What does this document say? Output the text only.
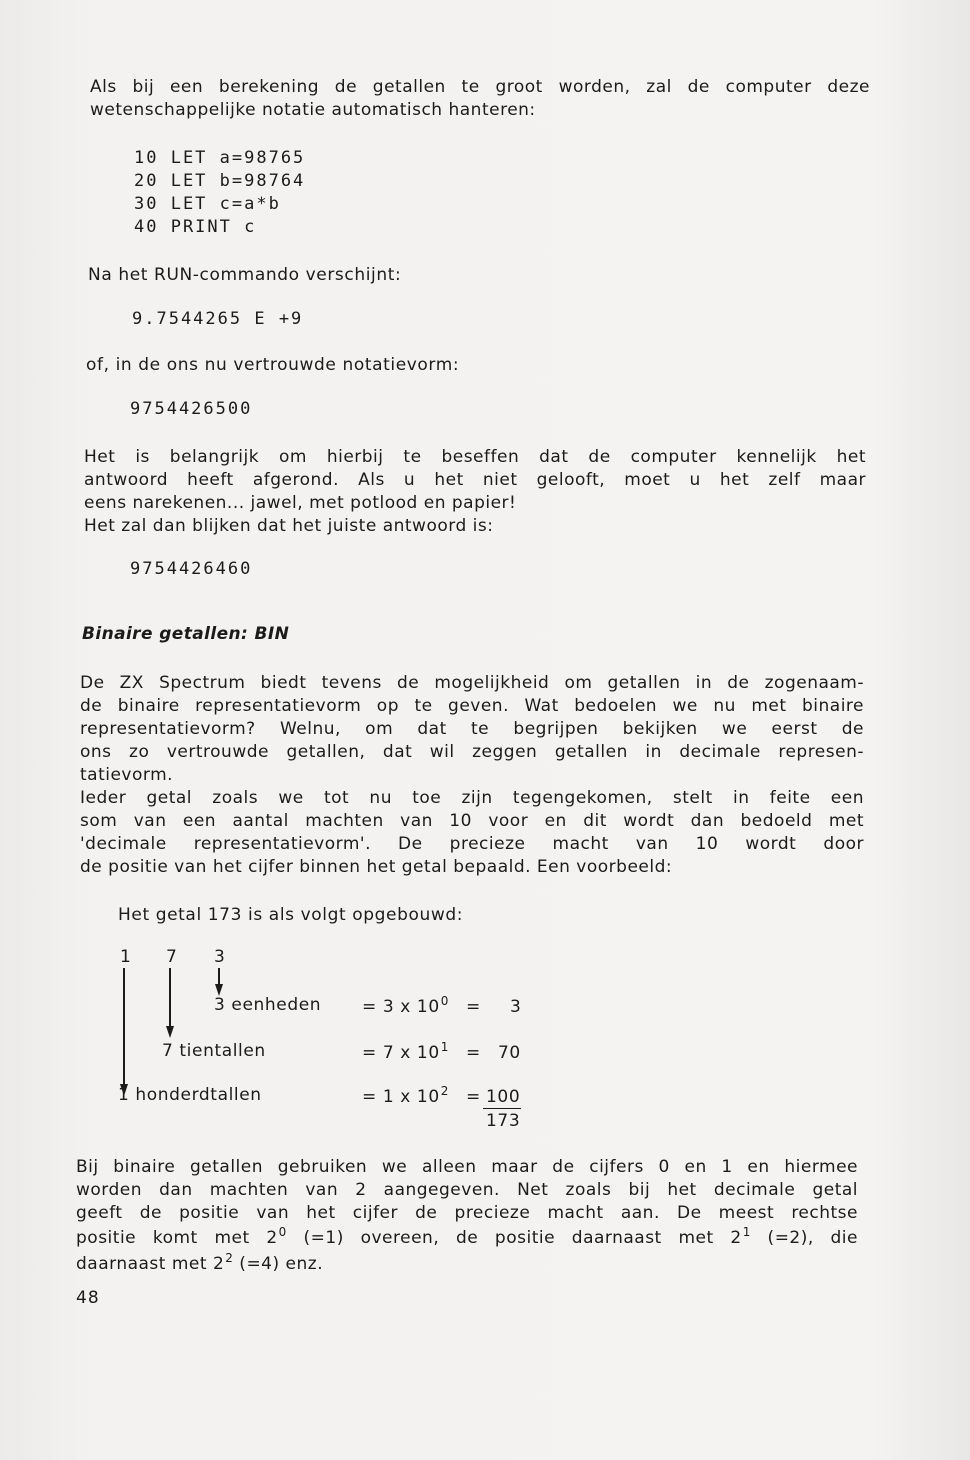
Als bij een berekening de getallen te groot worden, zal de computer deze
wetenschappelijke notatie automatisch hanteren:

10 LET a=98765

20 LET b=98764

30 LET c=a*b

40 PRINT c

Na het RUN-commando verschijnt:

9.7544265 E +9

of, in de ons nu vertrouwde notatievorm:

9754426500

Het is belangrijk om hierbij te beseffen dat de computer kennelijk het
antwoord heeft afgerond. Als u het niet gelooft, moet u het zelf maar
eens narekenen... jawel, met potlood en papier!
Het zal dan blijken dat het juiste antwoord is:

9754426460

Binaire getallen: BIN

De ZX Spectrum biedt tevens de mogelijkheid om getallen in de zogenaam-
de binaire representatievorm op te geven. Wat bedoelen we nu met binaire
representatievorm? Welnu, om dat te begrijpen bekijken we eerst de
ons zo vertrouwde getallen, dat wil zeggen getallen in decimale represen-
tatievorm.
Ieder getal zoals we tot nu toe zijn tegengekomen, stelt in feite een
som van een aantal machten van 10 voor en dit wordt dan bedoeld met
'decimale representatievorm'. De precieze macht van 10 wordt door
de positie van het cijfer binnen het getal bepaald. Een voorbeeld:

Het getal 173 is als volgt opgebouwd:

1 7 3

3 eenheden = 3 x $10^0 = 3$

7 tientallen	= 7 x $10^1 = 70$

1 honderdtallen	= 1 x $10^2 = 100$

173

Bij binaire getallen gebruiken we alleen maar de cijfers 0 en 1 en hiermee
worden dan machten van 2 aangegeven. Net zoals bij het decimale getal
geeft de positie van het cijfer de precieze macht aan. De meest rechtse
positie komt met $2^0$ (=1) overeen, de positie daarnaast met $2^1$ (=2), die
daarnaast met $2^2$ (=4) enz.

48
